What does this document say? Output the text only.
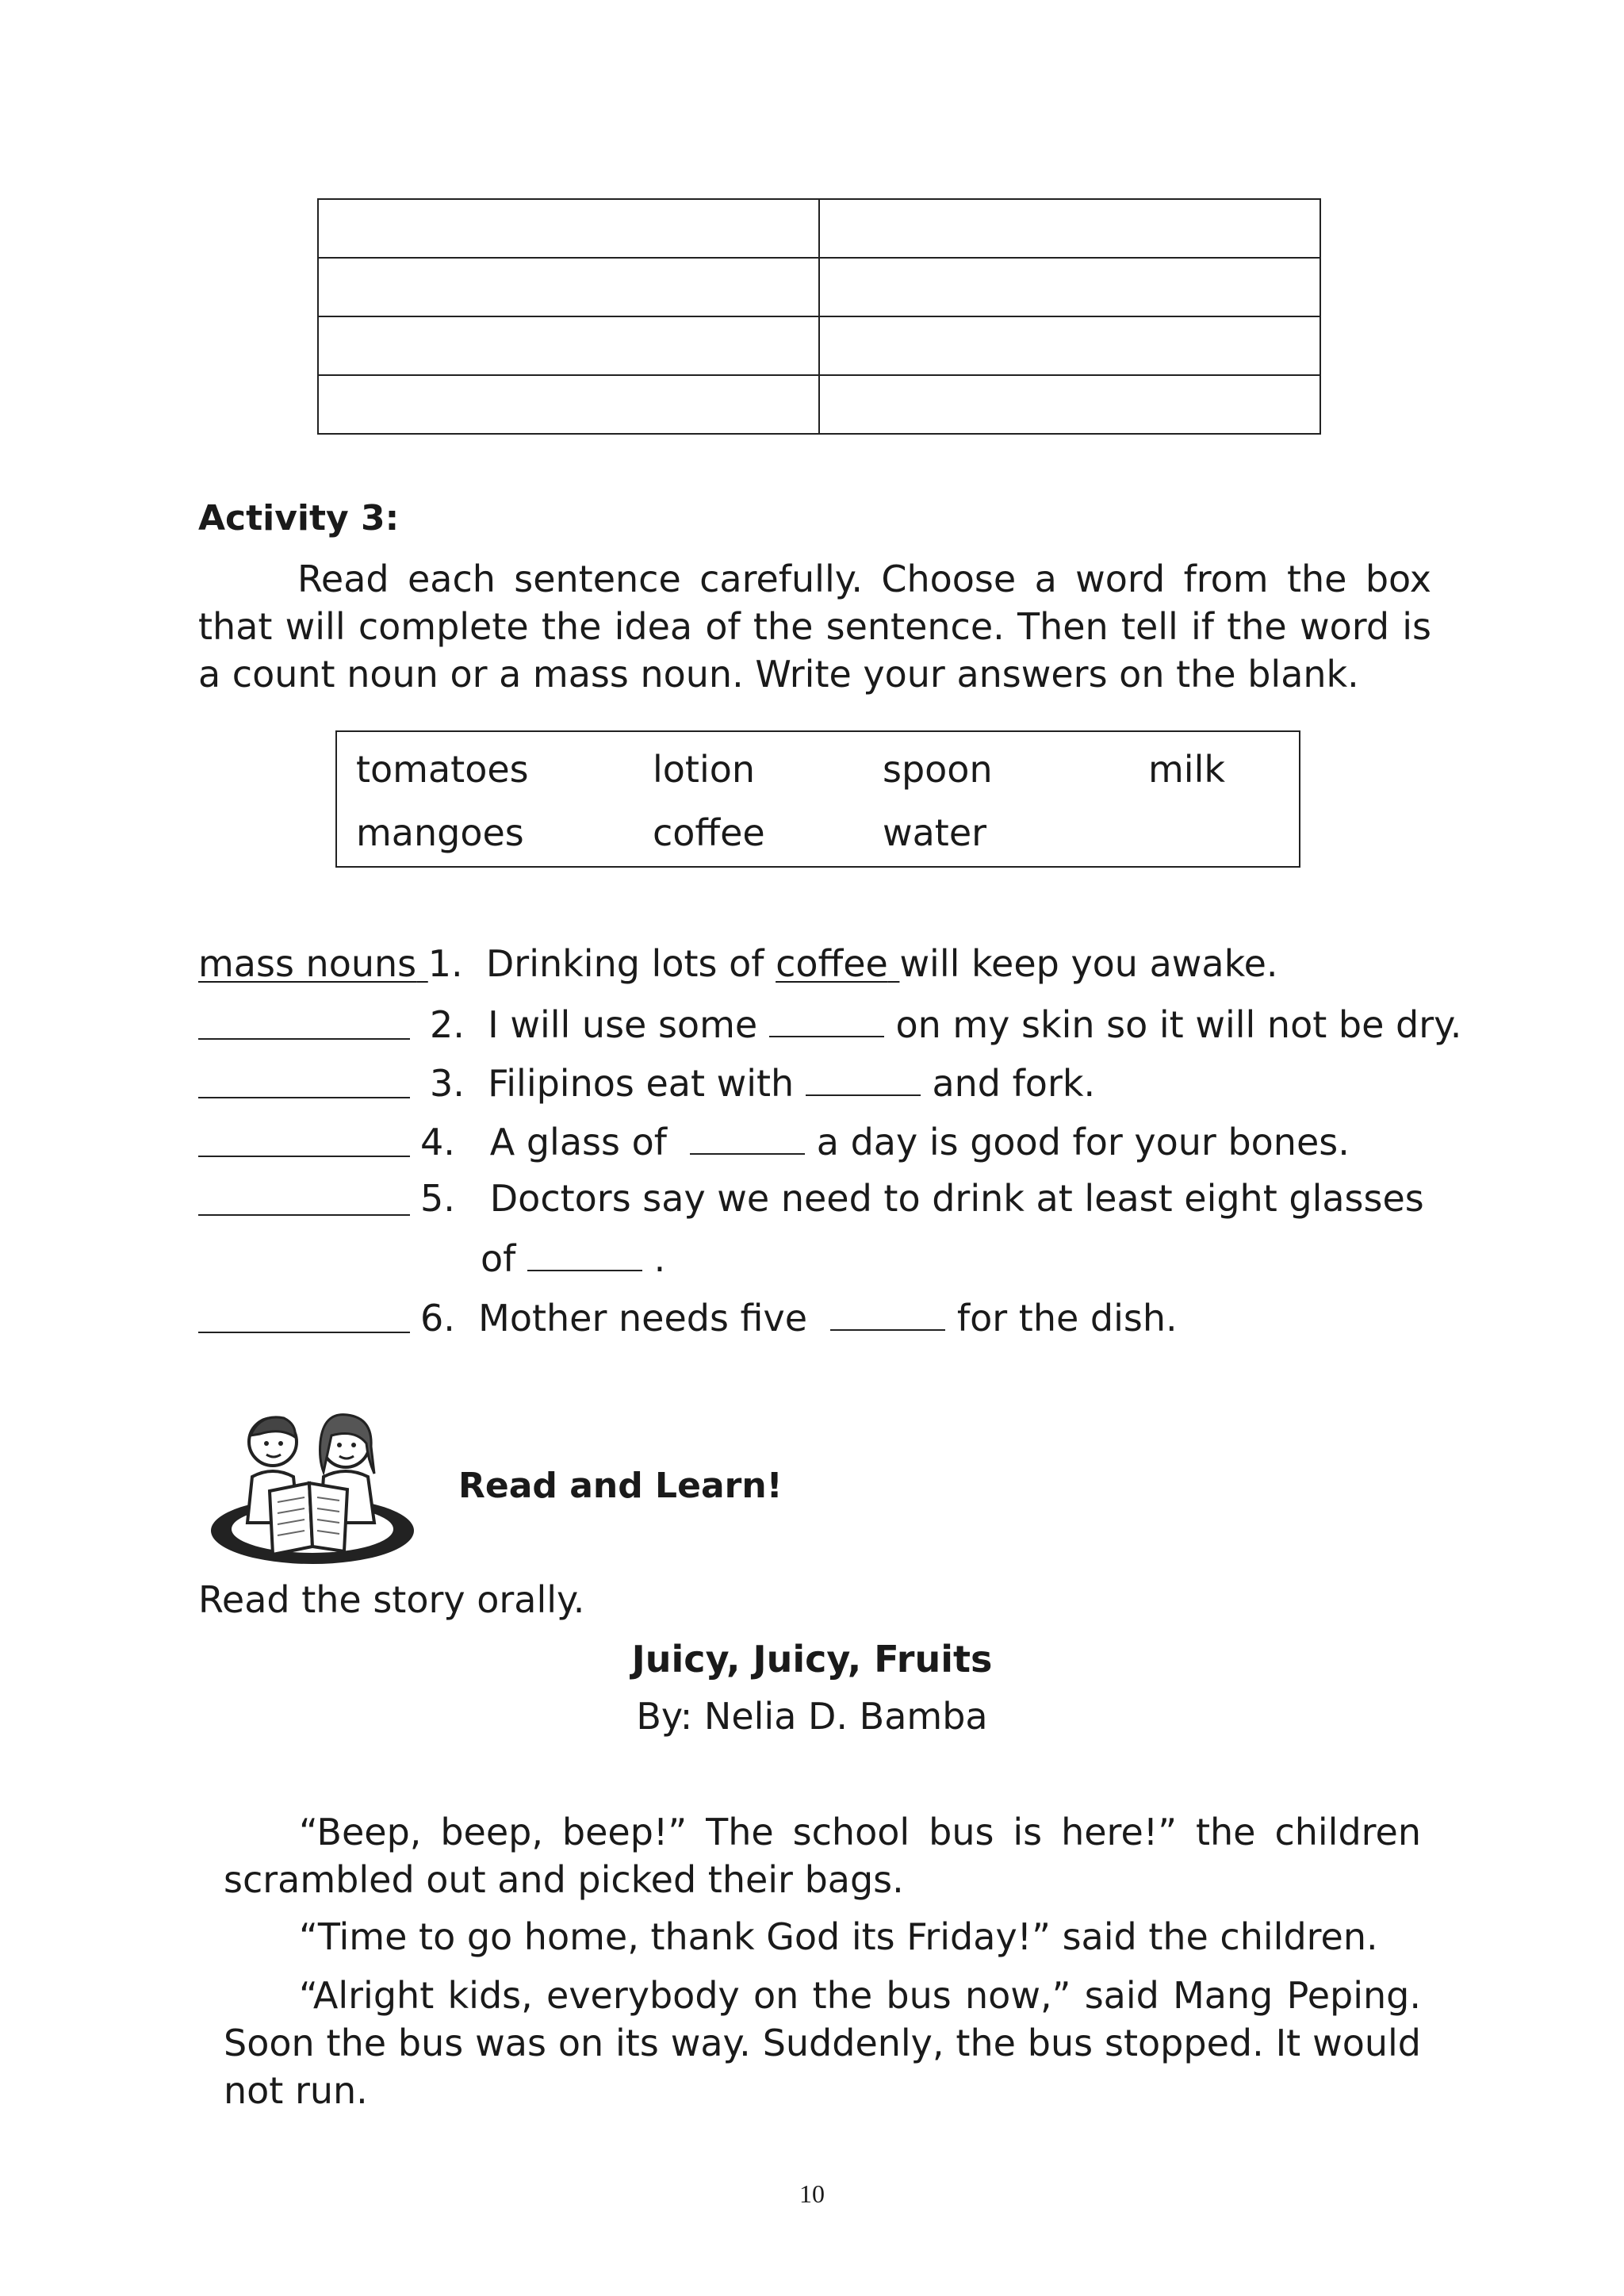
Activity 3:
Read each sentence carefully. Choose a word from the box that will complete the idea of the sentence. Then tell if the word is a count noun or a mass noun. Write your answers on the blank.
tomatoes	lotion	spoon	milk
mangoes	coffee	water
mass nouns 1. Drinking lots of coffee will keep you awake.
2. I will use some	on my skin so it will not be dry.
3. Filipinos eat with	and fork.
4. A glass of	a day is good for your bones.
5. Doctors say we need to drink at least eight glasses
of	.
6. Mother needs five	for the dish.
Read and Learn!
Read the story orally.
Juicy, Juicy, Fruits
By: Nelia D. Bamba
“Beep, beep, beep!” The school bus is here!” the children scrambled out and picked their bags.
“Time to go home, thank God its Friday!” said the children.
“Alright kids, everybody on the bus now,” said Mang Peping. Soon the bus was on its way. Suddenly, the bus stopped. It would not run.
10
